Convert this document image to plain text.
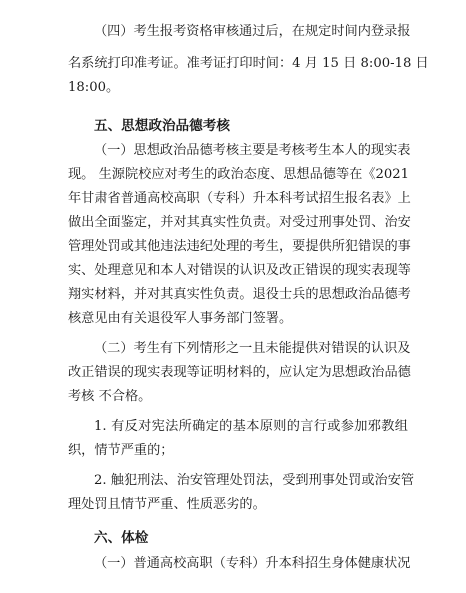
（四）考生报考资格审核通过后，在规定时间内登录报
名系统打印准考证。准考证打印时间：4 月 15 日 8:00-18 日
18:00。
五、思想政治品德考核
（一）思想政治品德考核主要是考核考生本人的现实表
现。 生源院校应对考生的政治态度、思想品德等在《2021
年甘肃省普通高校高职（专科）升本科考试招生报名表》上
做出全面鉴定，并对其真实性负责。对受过刑事处罚、治安
管理处罚或其他违法违纪处理的考生，要提供所犯错误的事
实、处理意见和本人对错误的认识及改正错误的现实表现等
翔实材料，并对其真实性负责。退役士兵的思想政治品德考
核意见由有关退役军人事务部门签署。
（二）考生有下列情形之一且未能提供对错误的认识及
改正错误的现实表现等证明材料的，应认定为思想政治品德
考核 不合格。
1. 有反对宪法所确定的基本原则的言行或参加邪教组
织，情节严重的；
2. 触犯刑法、治安管理处罚法，受到刑事处罚或治安管
理处罚且情节严重、性质恶劣的。
六、体检
（一）普通高校高职（专科）升本科招生身体健康状况
